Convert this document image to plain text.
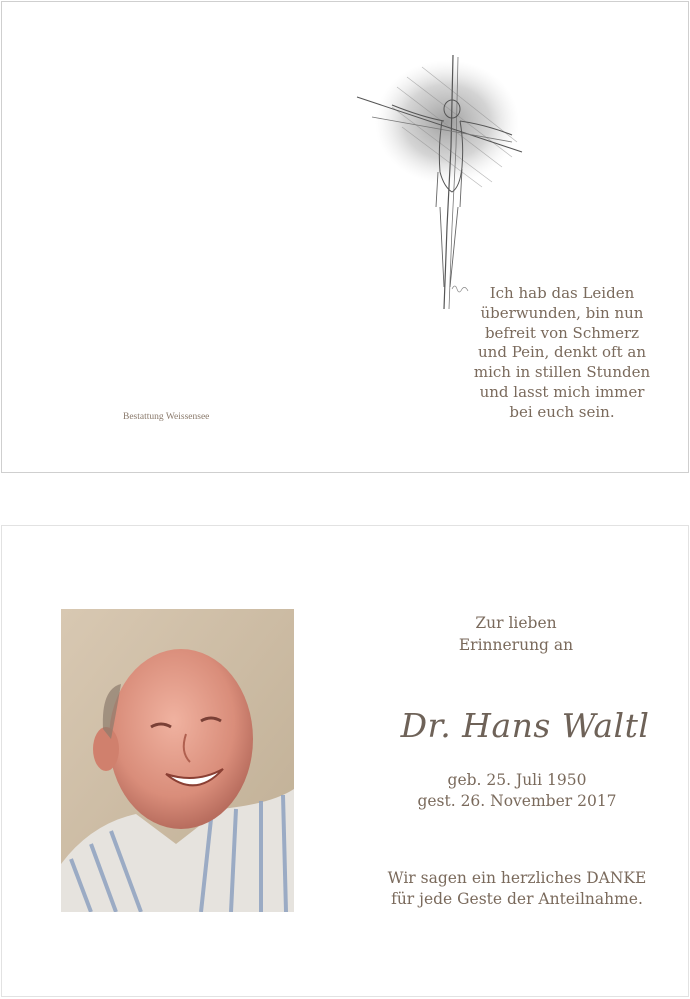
Ich hab das Leiden
überwunden, bin nun
befreit von Schmerz
und Pein, denkt oft an
mich in stillen Stunden
und lasst mich immer
bei euch sein.
Bestattung Weissensee
Zur lieben
Erinnerung an
Dr. Hans Waltl
geb. 25. Juli 1950
gest. 26. November 2017
Wir sagen ein herzliches DANKE
für jede Geste der Anteilnahme.
